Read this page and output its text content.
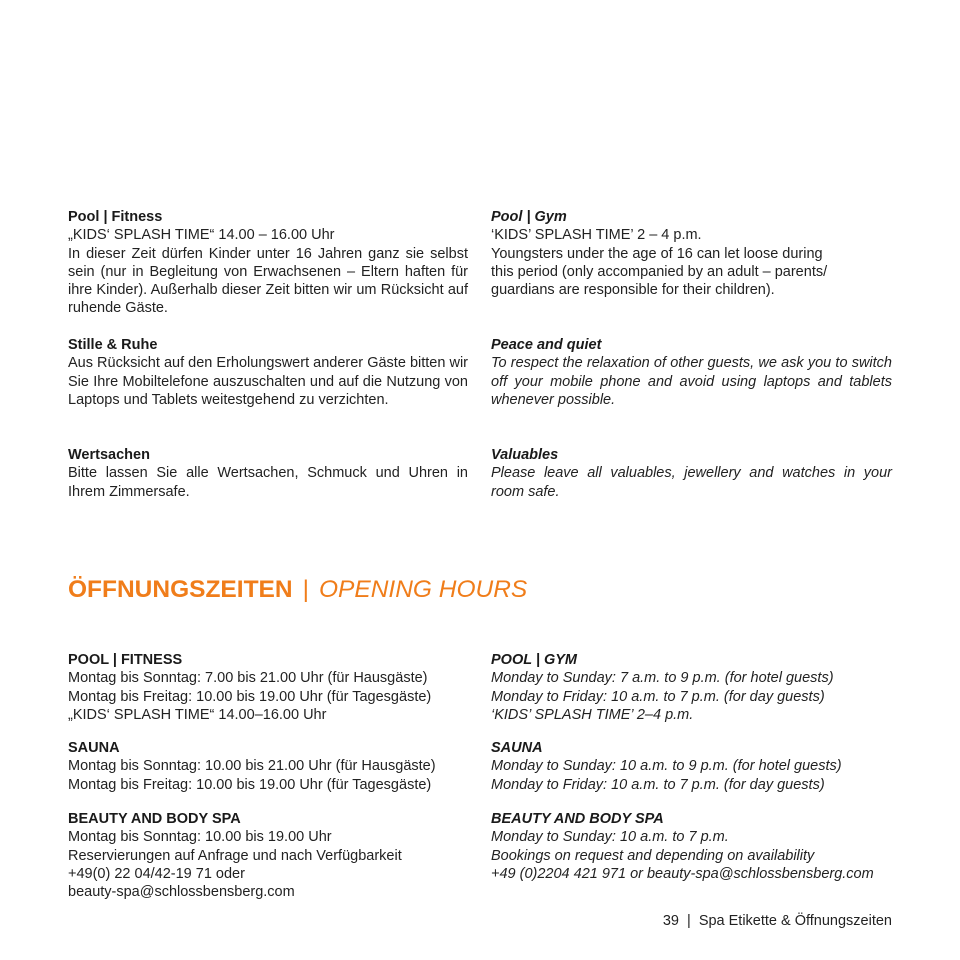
Pool | Fitness
„KIDS‘ SPLASH TIME“ 14.00 – 16.00 Uhr
In dieser Zeit dürfen Kinder unter 16 Jahren ganz sie selbst sein (nur in Begleitung von Erwachsenen – Eltern haften für ihre Kinder). Außerhalb dieser Zeit bitten wir um Rücksicht auf ruhende Gäste.
Stille & Ruhe
Aus Rücksicht auf den Erholungswert anderer Gäste bitten wir Sie Ihre Mobiltelefone auszuschalten und auf die Nutzung von Laptops und Tablets weitestgehend zu verzichten.
Wertsachen
Bitte lassen Sie alle Wertsachen, Schmuck und Uhren in Ihrem Zimmersafe.
Pool | Gym
‘KIDS’ SPLASH TIME’ 2 – 4 p.m.
Youngsters under the age of 16 can let loose during
this period (only accompanied by an adult – parents/
guardians are responsible for their children).
Peace and quiet
To respect the relaxation of other guests, we ask you to switch off your mobile phone and avoid using laptops and tablets whenever possible.
Valuables
Please leave all valuables, jewellery and watches in your room safe.
ÖFFNUNGSZEITEN | OPENING HOURS
POOL | FITNESS
Montag bis Sonntag: 7.00 bis 21.00 Uhr (für Hausgäste)
Montag bis Freitag: 10.00 bis 19.00 Uhr (für Tagesgäste)
„KIDS‘ SPLASH TIME“ 14.00–16.00 Uhr
SAUNA
Montag bis Sonntag: 10.00 bis 21.00 Uhr (für Hausgäste)
Montag bis Freitag: 10.00 bis 19.00 Uhr (für Tagesgäste)
BEAUTY AND BODY SPA
Montag bis Sonntag: 10.00 bis 19.00 Uhr
Reservierungen auf Anfrage und nach Verfügbarkeit
+49(0) 22 04/42-19 71 oder
beauty-spa@schlossbensberg.com
POOL | GYM
Monday to Sunday: 7 a.m. to 9 p.m. (for hotel guests)
Monday to Friday: 10 a.m. to 7 p.m. (for day guests)
‘KIDS’ SPLASH TIME’ 2–4 p.m.
SAUNA
Monday to Sunday: 10 a.m. to 9 p.m. (for hotel guests)
Monday to Friday: 10 a.m. to 7 p.m. (for day guests)
BEAUTY AND BODY SPA
Monday to Sunday: 10 a.m. to 7 p.m.
Bookings on request and depending on availability
+49 (0)2204 421 971 or beauty-spa@schlossbensberg.com
39 | Spa Etikette & Öffnungszeiten
